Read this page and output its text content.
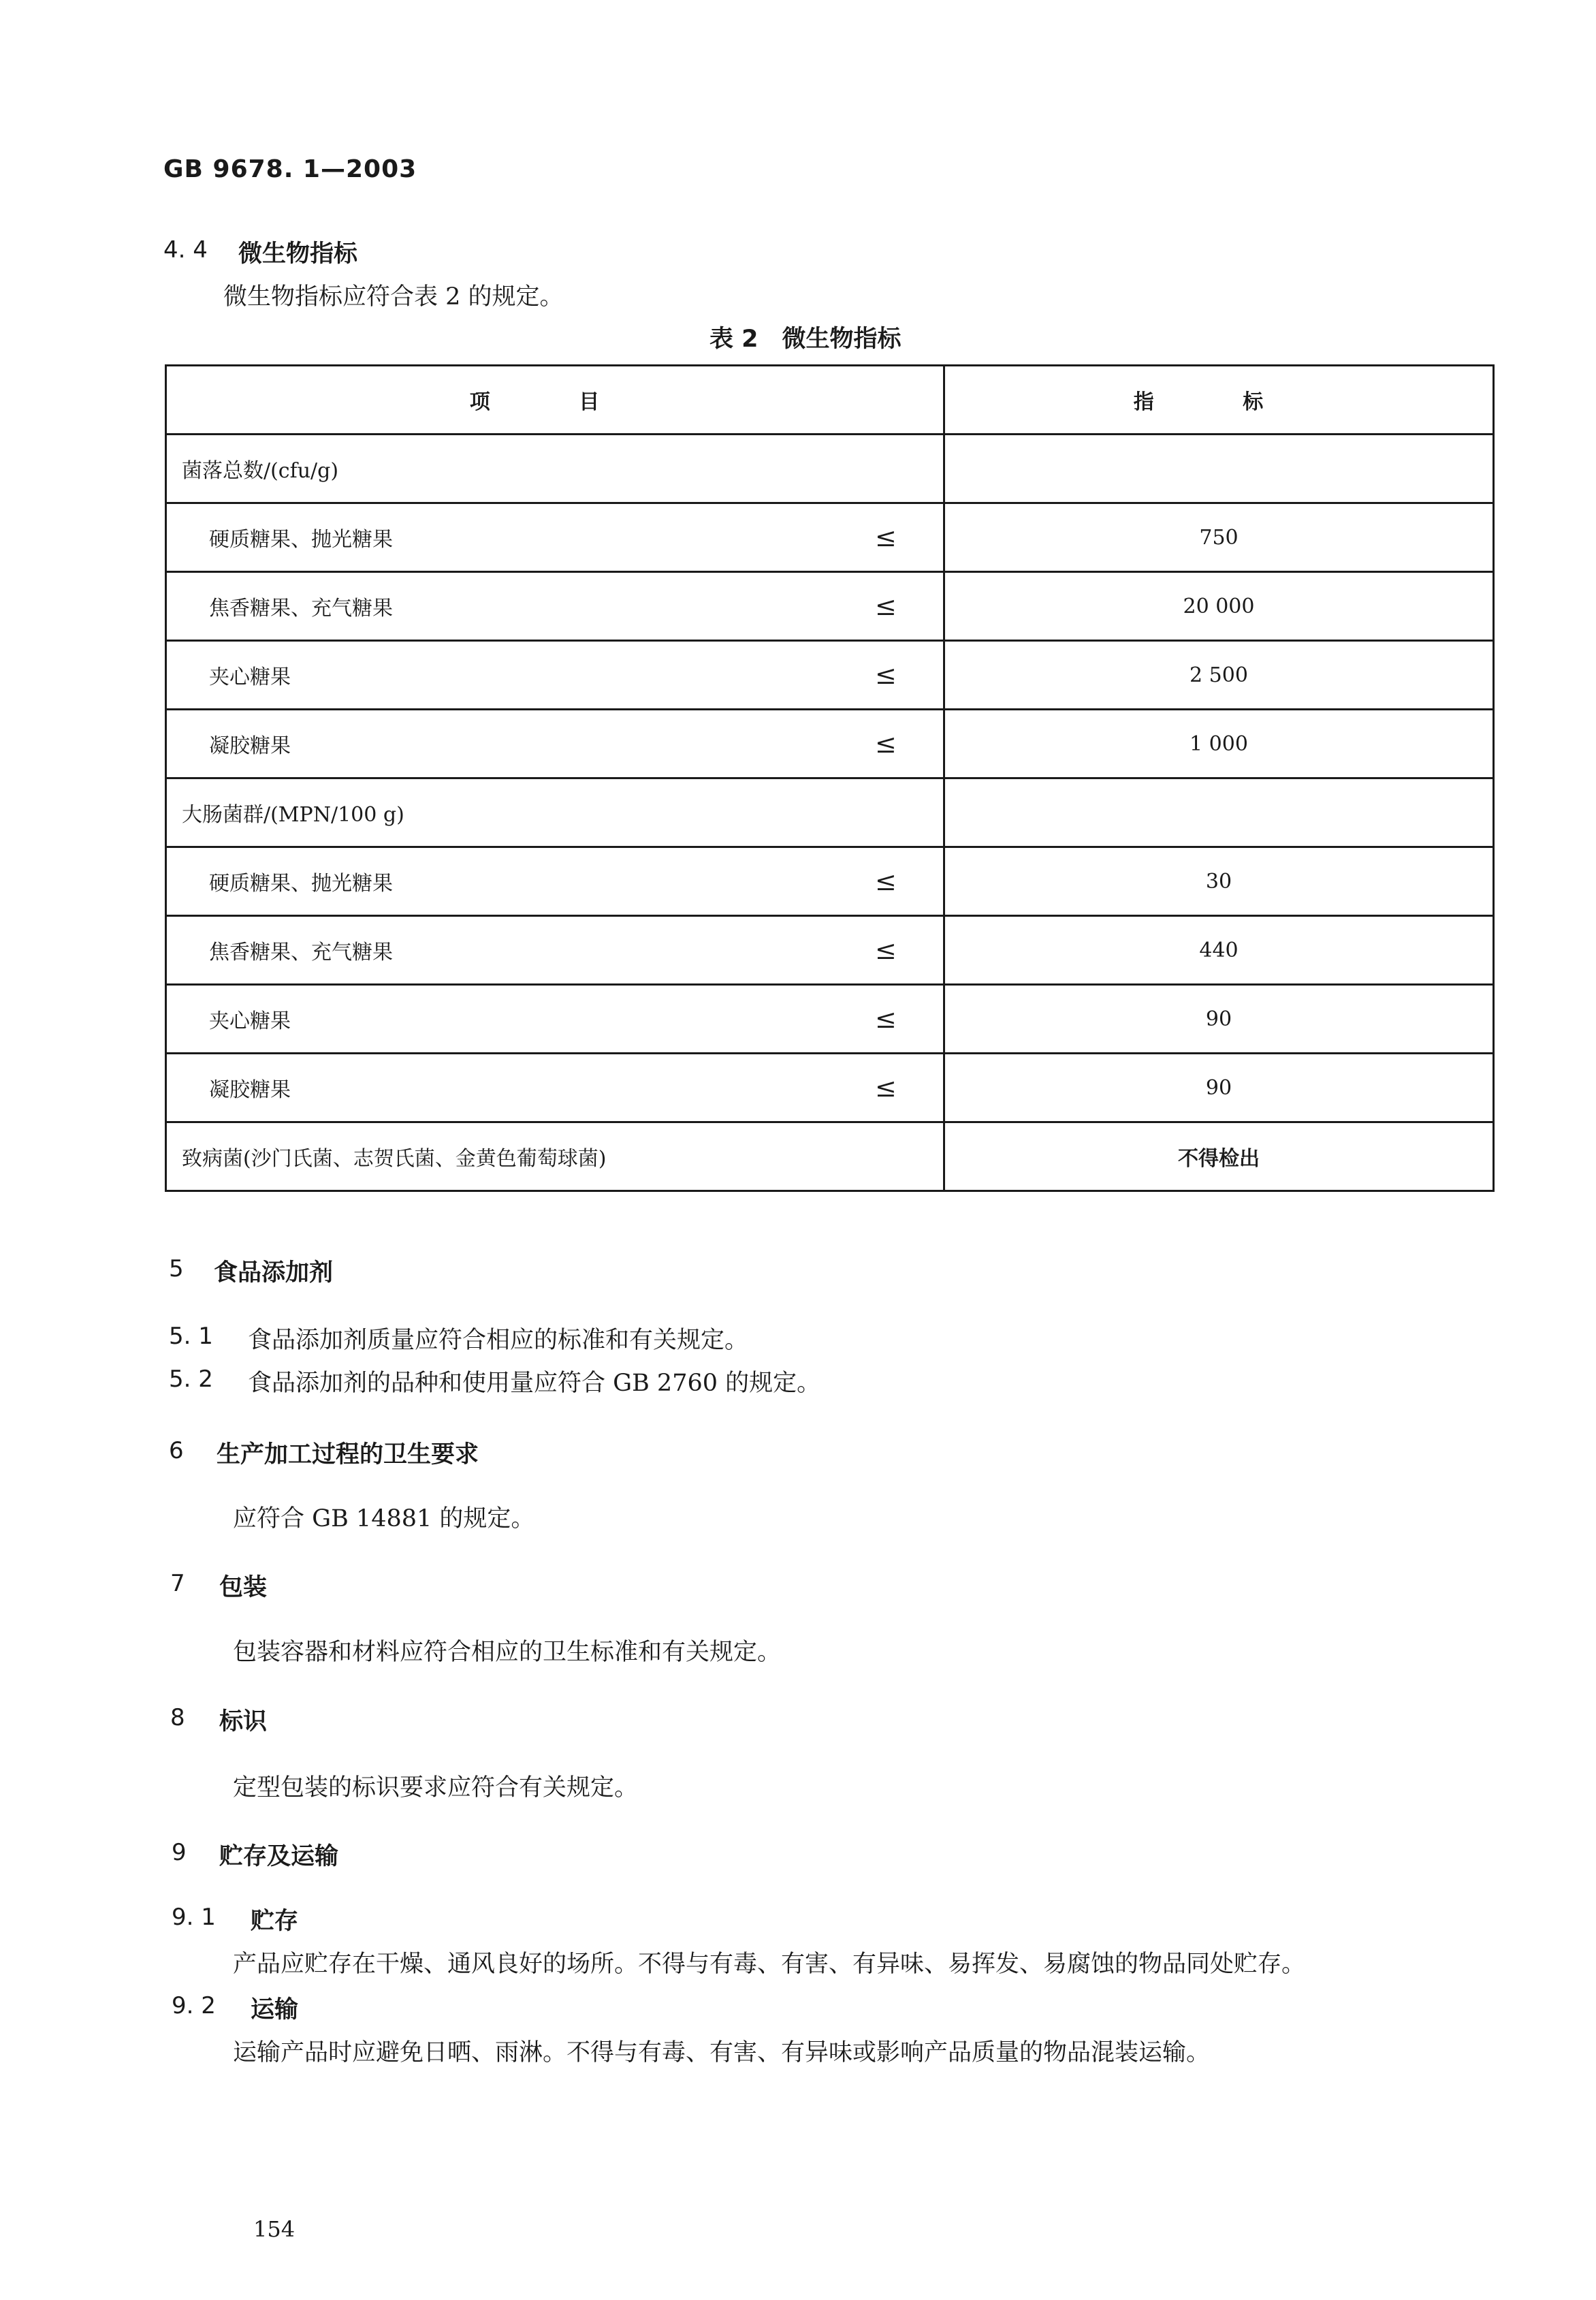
GB 9678. 1—2003
4. 4 微生物指标
微生物指标应符合表 2 的规定。
表 2　微生物指标
项 目	指 标

菌落总数/(cfu/g)	

硬质糖果、抛光糖果 ≤	750

焦香糖果、充气糖果 ≤	20 000

夹心糖果 ≤	2 500

凝胶糖果 ≤	1 000

大肠菌群/(MPN/100 g)	

硬质糖果、抛光糖果 ≤	30

焦香糖果、充气糖果 ≤	440

夹心糖果 ≤	90

凝胶糖果 ≤	90

致病菌(沙门氏菌、志贺氏菌、金黄色葡萄球菌)	不得检出
5 食品添加剂
5. 1 食品添加剂质量应符合相应的标准和有关规定。
5. 2 食品添加剂的品种和使用量应符合 GB 2760 的规定。
6 生产加工过程的卫生要求
应符合 GB 14881 的规定。
7 包装
包装容器和材料应符合相应的卫生标准和有关规定。
8 标识
定型包装的标识要求应符合有关规定。
9 贮存及运输
9. 1 贮存
产品应贮存在干燥、通风良好的场所。不得与有毒、有害、有异味、易挥发、易腐蚀的物品同处贮存。
9. 2 运输
运输产品时应避免日晒、雨淋。不得与有毒、有害、有异味或影响产品质量的物品混装运输。
154
